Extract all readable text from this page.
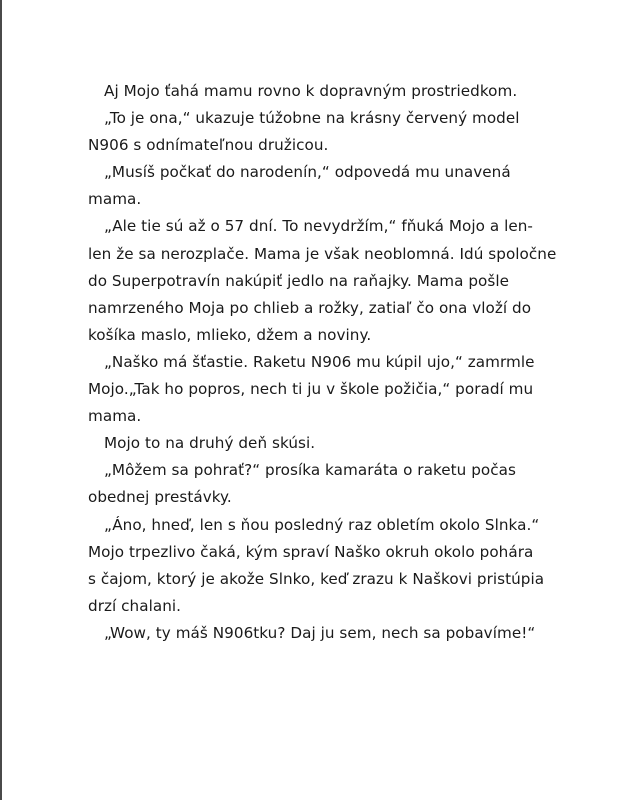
Aj Mojo ťahá mamu rovno k dopravným prostriedkom.
„To je ona,“ ukazuje túžobne na krásny červený model
N906 s odnímateľnou družicou.
„Musíš počkať do narodenín,“ odpovedá mu unavená
mama.
„Ale tie sú až o 57 dní. To nevydržím,“ fňuká Mojo a len-
len že sa nerozplače. Mama je však neoblomná. Idú spoločne
do Superpotravín nakúpiť jedlo na raňajky. Mama pošle
namrzeného Moja po chlieb a rožky, zatiaľ čo ona vloží do
košíka maslo, mlieko, džem a noviny.
„Naško má šťastie. Raketu N906 mu kúpil ujo,“ zamrmle
Mojo.„Tak ho popros, nech ti ju v škole požičia,“ poradí mu
mama.
Mojo to na druhý deň skúsi.
„Môžem sa pohrať?“ prosíka kamaráta o raketu počas
obednej prestávky.
„Áno, hneď, len s ňou posledný raz obletím okolo Slnka.“
Mojo trpezlivo čaká, kým spraví Naško okruh okolo pohára
s čajom, ktorý je akože Slnko, keď zrazu k Naškovi pristúpia
drzí chalani.
„Wow, ty máš N906tku? Daj ju sem, nech sa pobavíme!“
